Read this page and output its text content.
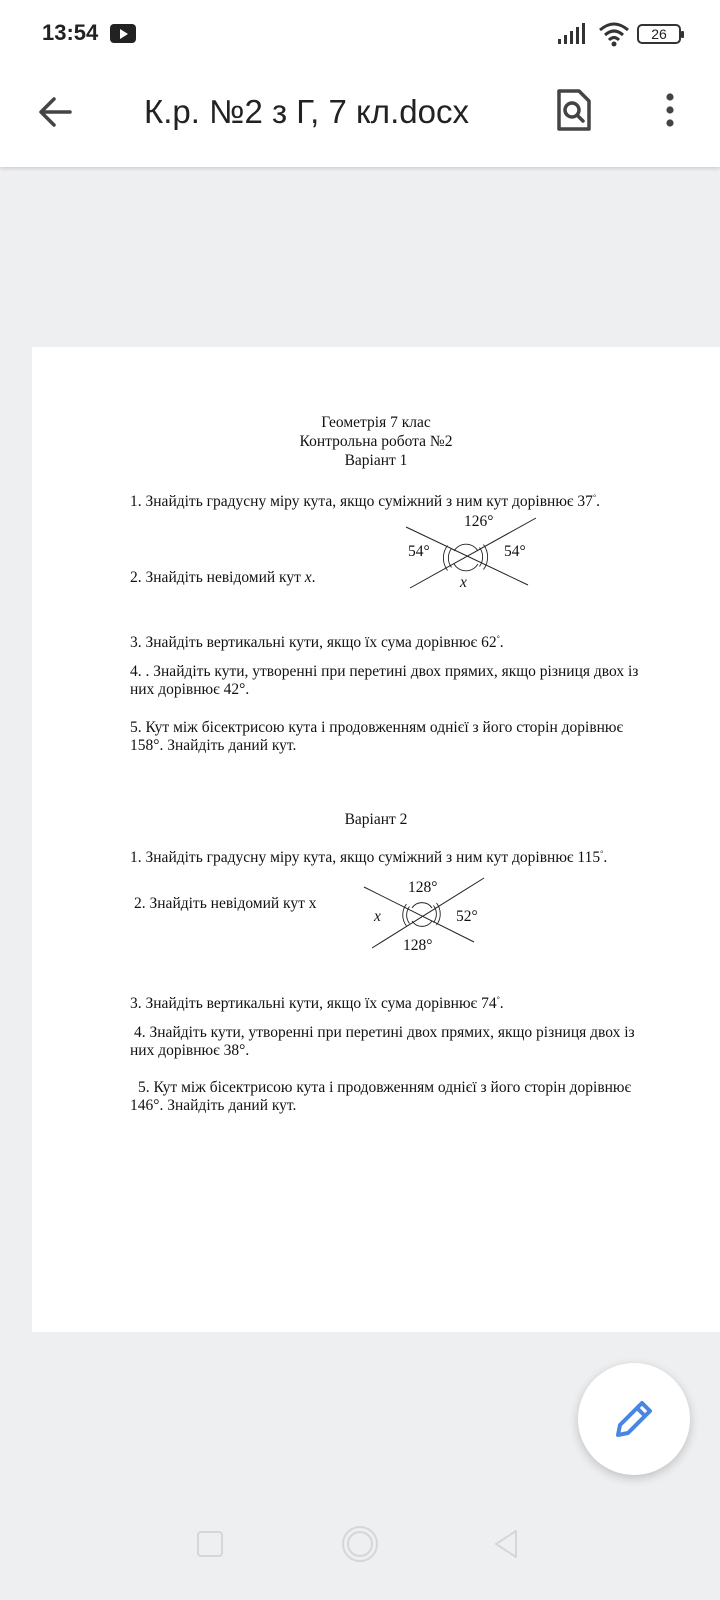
13:54	26
К.р. №2 з Г, 7 кл.docx
Геометрія 7 клас
Контрольна робота №2
Варіант 1
1. Знайдіть градусну міру кута, якщо суміжний з ним кут дорівнює 37°.
126°
54°	54°
x
2. Знайдіть невідомий кут x.
3. Знайдіть вертикальні кути, якщо їх сума дорівнює 62°.
4. . Знайдіть кути, утворенні при перетині двох прямих, якщо різниця двох із
них дорівнює 42°.
5. Кут між бісектрисою кута і продовженням однієї з його сторін дорівнює
158°. Знайдіть даний кут.
Варіант 2
1. Знайдіть градусну міру кута, якщо суміжний з ним кут дорівнює 115°.
2. Знайдіть невідомий кут х
128°
x	52°
128°
3. Знайдіть вертикальні кути, якщо їх сума дорівнює 74°.
4. Знайдіть кути, утворенні при перетині двох прямих, якщо різниця двох із
них дорівнює 38°.
5. Кут між бісектрисою кута і продовженням однієї з його сторін дорівнює
146°. Знайдіть даний кут.
